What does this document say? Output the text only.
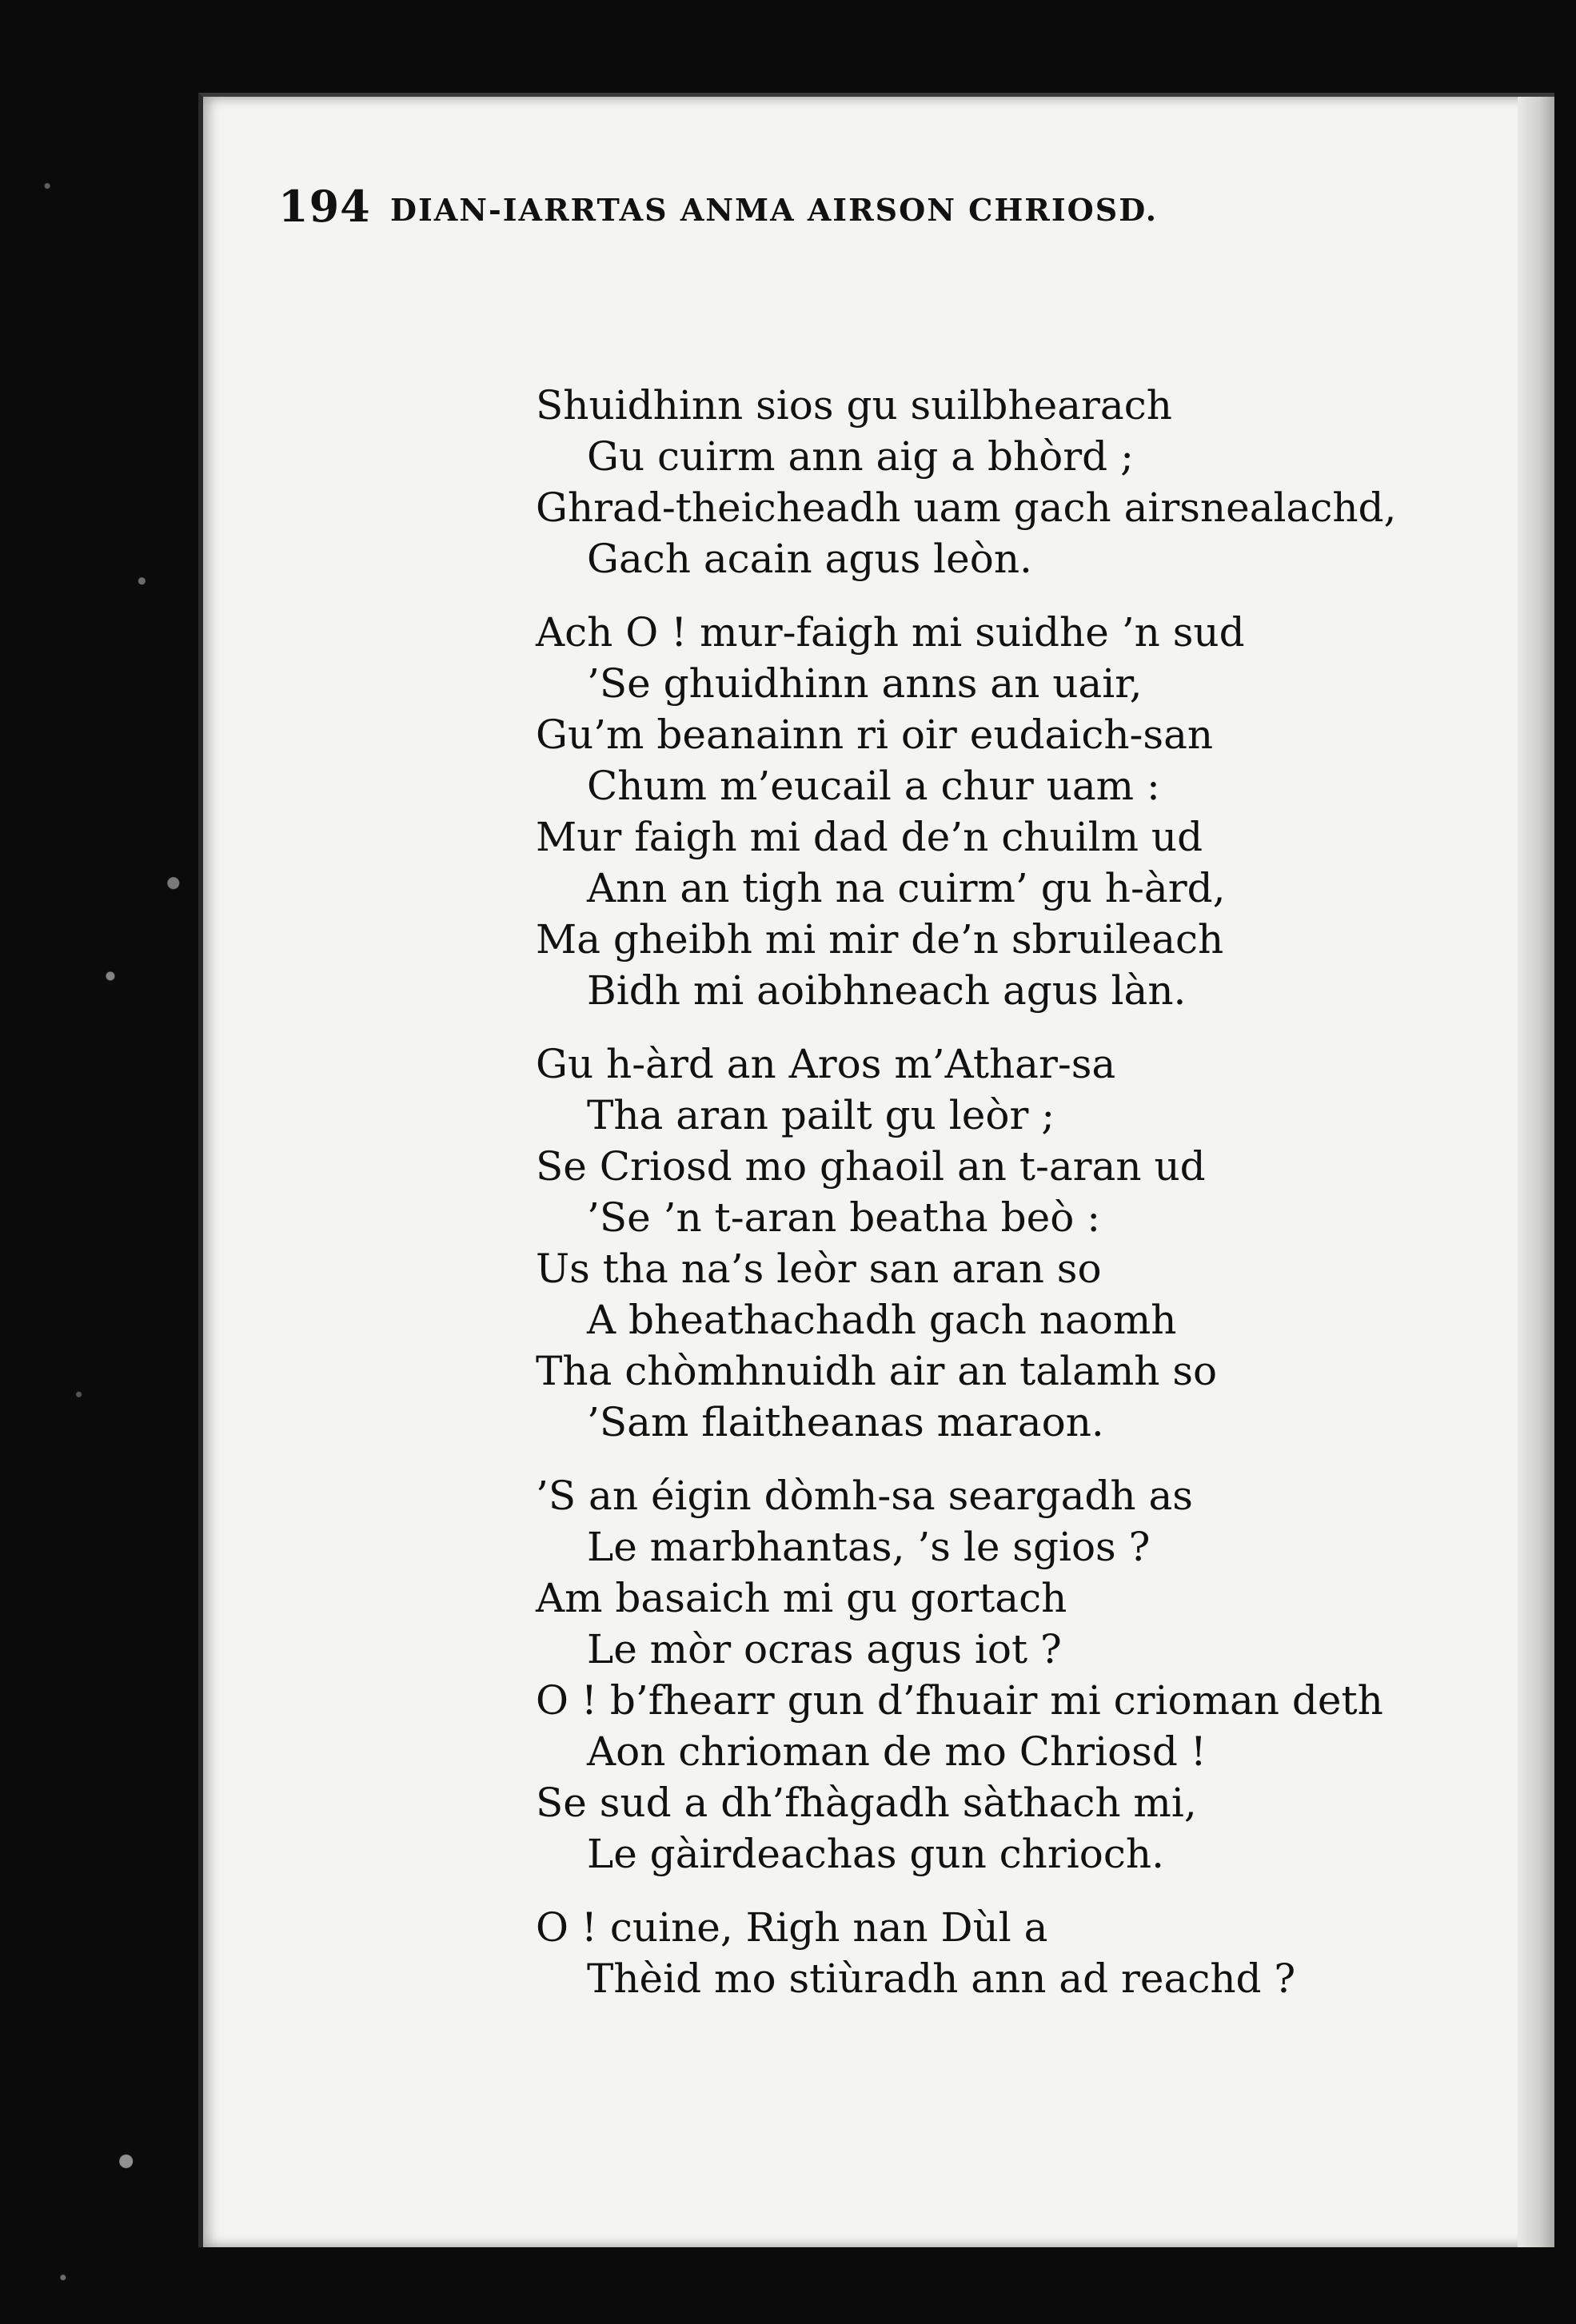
194 DIAN-IARRTAS ANMA AIRSON CHRIOSD.
Shuidhinn sios gu suilbhearach
Gu cuirm ann aig a bhòrd ;
Ghrad-theicheadh uam gach airsnealachd,
Gach acain agus leòn.
Ach O ! mur-faigh mi suidhe ’n sud
’Se ghuidhinn anns an uair,
Gu’m beanainn ri oir eudaich-san
Chum m’eucail a chur uam :
Mur faigh mi dad de’n chuilm ud
Ann an tigh na cuirm’ gu h-àrd,
Ma gheibh mi mir de’n sbruileach
Bidh mi aoibhneach agus làn.
Gu h-àrd an Aros m’Athar-sa
Tha aran pailt gu leòr ;
Se Criosd mo ghaoil an t-aran ud
’Se ’n t-aran beatha beò :
Us tha na’s leòr san aran so
A bheathachadh gach naomh
Tha chòmhnuidh air an talamh so
’Sam flaitheanas maraon.
’S an éigin dòmh-sa seargadh as
Le marbhantas, ’s le sgios ?
Am basaich mi gu gortach
Le mòr ocras agus iot ?
O ! b’fhearr gun d’fhuair mi crioman deth
Aon chrioman de mo Chriosd !
Se sud a dh’fhàgadh sàthach mi,
Le gàirdeachas gun chrioch.
O ! cuine, Righ nan Dùl a
Thèid mo stiùradh ann ad reachd ?
